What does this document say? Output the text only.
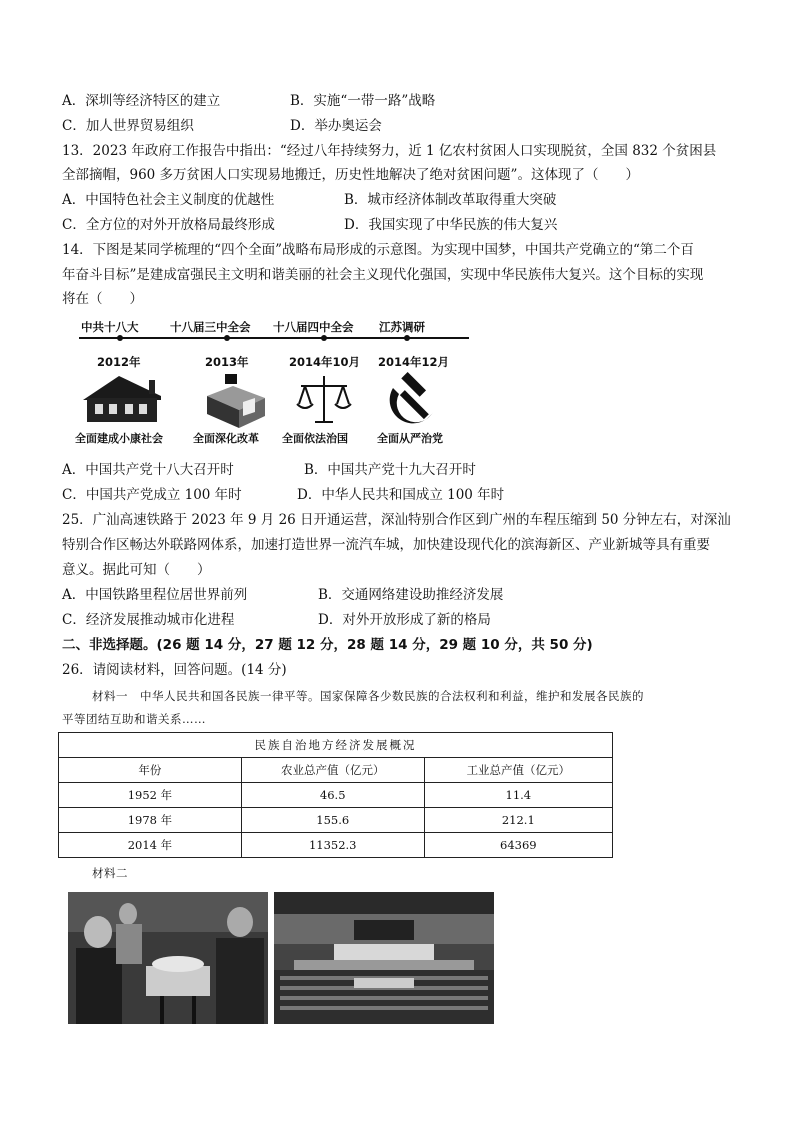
A．深圳等经济特区的建立	B．实施“一带一路”战略
C．加人世界贸易组织	D．举办奥运会
13．2023 年政府工作报告中指出：“经过八年持续努力，近 1 亿农村贫困人口实现脱贫，全国 832 个贫困县
全部摘帽，960 多万贫困人口实现易地搬迁，历史性地解决了绝对贫困问题”。这体现了（　　）
A．中国特色社会主义制度的优越性	B．城市经济体制改革取得重大突破
C．全方位的对外开放格局最终形成	D．我国实现了中华民族的伟大复兴
14．下图是某同学梳理的“四个全面”战略布局形成的示意图。为实现中国梦，中国共产党确立的“第二个百
年奋斗目标”是建成富强民主文明和谐美丽的社会主义现代化强国，实现中华民族伟大复兴。这个目标的实现
将在（　　）
中共十八大	十八届三中全会 十八届四中全会 江苏调研
2012年	2013年	2014年10月 2014年12月
全面建成小康社会	全面深化改革 全面依法治国	全面从严治党
A．中国共产党十八大召开时	B．中国共产党十九大召开时
C．中国共产党成立 100 年时	D．中华人民共和国成立 100 年时
25．广汕高速铁路于 2023 年 9 月 26 日开通运营，深汕特别合作区到广州的车程压缩到 50 分钟左右，对深汕
特别合作区畅达外联路网体系，加速打造世界一流汽车城，加快建设现代化的滨海新区、产业新城等具有重要
意义。据此可知（　　）
A．中国铁路里程位居世界前列	B．交通网络建设助推经济发展
C．经济发展推动城市化进程	D．对外开放形成了新的格局
二、非选择题。(26 题 14 分，27 题 12 分，28 题 14 分，29 题 10 分，共 50 分)
26．请阅读材料，回答问题。(14 分)
材料一　中华人民共和国各民族一律平等。国家保障各少数民族的合法权利和利益，维护和发展各民族的
平等团结互助和谐关系……
民族自治地方经济发展概况		
年份	农业总产值（亿元）	工业总产值（亿元）
1952 年	46.5	11.4
1978 年	155.6	212.1
2014 年	11352.3	64369
材料二
